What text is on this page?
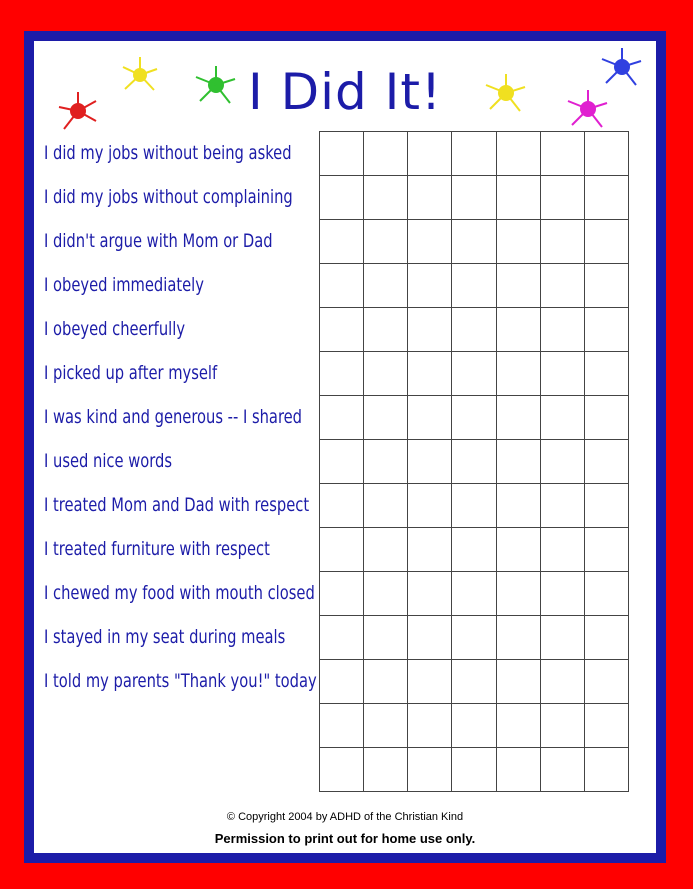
I Did It!
I did my jobs without being asked
I did my jobs without complaining
I didn't argue with Mom or Dad
I obeyed immediately
I obeyed cheerfully
I picked up after myself
I was kind and generous -- I shared
I used nice words
I treated Mom and Dad with respect
I treated furniture with respect
I chewed my food with mouth closed
I stayed in my seat during meals
I told my parents "Thank you!" today

© Copyright 2004 by ADHD of the Christian Kind
Permission to print out for home use only.
